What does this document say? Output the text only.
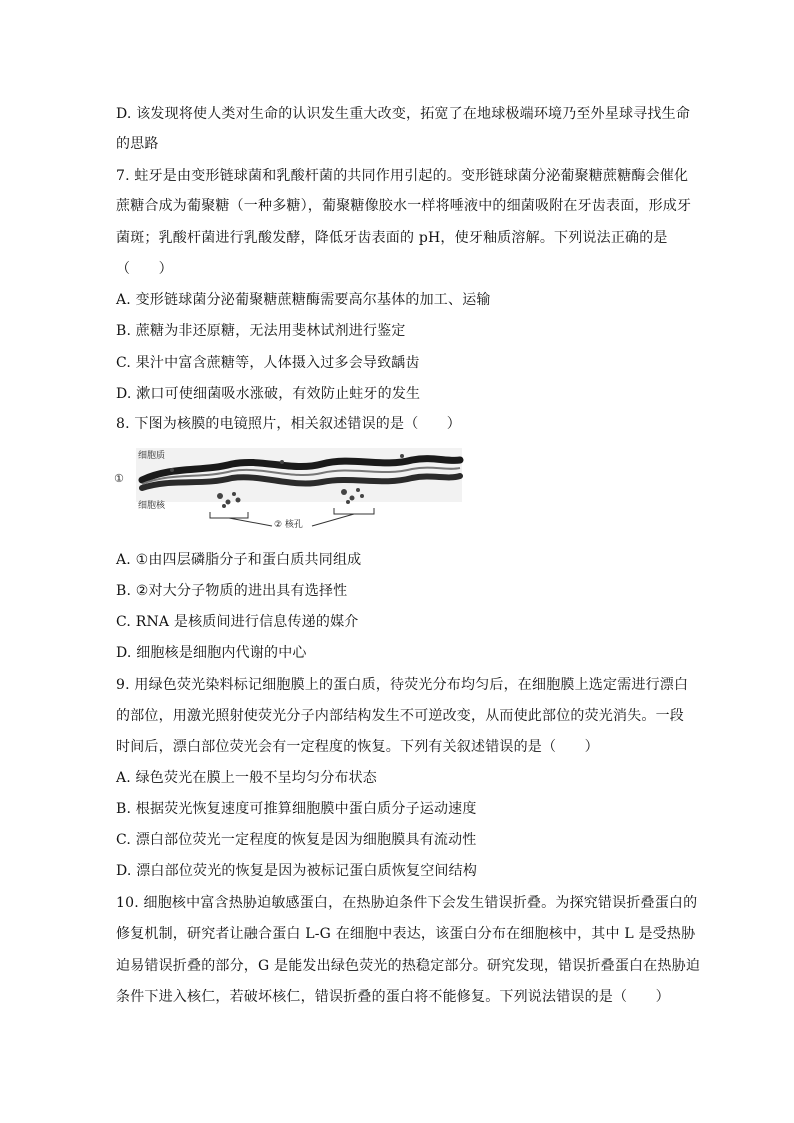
D. 该发现将使人类对生命的认识发生重大改变，拓宽了在地球极端环境乃至外星球寻找生命
的思路
7. 蛀牙是由变形链球菌和乳酸杆菌的共同作用引起的。变形链球菌分泌葡聚糖蔗糖酶会催化
蔗糖合成为葡聚糖（一种多糖），葡聚糖像胶水一样将唾液中的细菌吸附在牙齿表面，形成牙
菌斑；乳酸杆菌进行乳酸发酵，降低牙齿表面的 pH，使牙釉质溶解。下列说法正确的是
（　　）
A. 变形链球菌分泌葡聚糖蔗糖酶需要高尔基体的加工、运输
B. 蔗糖为非还原糖，无法用斐林试剂进行鉴定
C. 果汁中富含蔗糖等，人体摄入过多会导致龋齿
D. 漱口可使细菌吸水涨破，有效防止蛀牙的发生
8. 下图为核膜的电镜照片，相关叙述错误的是（　　）
细胞质
①
细胞核
② 核孔
A. ①由四层磷脂分子和蛋白质共同组成
B. ②对大分子物质的进出具有选择性
C. RNA 是核质间进行信息传递的媒介
D. 细胞核是细胞内代谢的中心
9. 用绿色荧光染料标记细胞膜上的蛋白质，待荧光分布均匀后，在细胞膜上选定需进行漂白
的部位，用激光照射使荧光分子内部结构发生不可逆改变，从而使此部位的荧光消失。一段
时间后，漂白部位荧光会有一定程度的恢复。下列有关叙述错误的是（　　）
A. 绿色荧光在膜上一般不呈均匀分布状态
B. 根据荧光恢复速度可推算细胞膜中蛋白质分子运动速度
C. 漂白部位荧光一定程度的恢复是因为细胞膜具有流动性
D. 漂白部位荧光的恢复是因为被标记蛋白质恢复空间结构
10. 细胞核中富含热胁迫敏感蛋白，在热胁迫条件下会发生错误折叠。为探究错误折叠蛋白的
修复机制，研究者让融合蛋白 L-G 在细胞中表达，该蛋白分布在细胞核中，其中 L 是受热胁
迫易错误折叠的部分，G 是能发出绿色荧光的热稳定部分。研究发现，错误折叠蛋白在热胁迫
条件下进入核仁，若破坏核仁，错误折叠的蛋白将不能修复。下列说法错误的是（　　）
